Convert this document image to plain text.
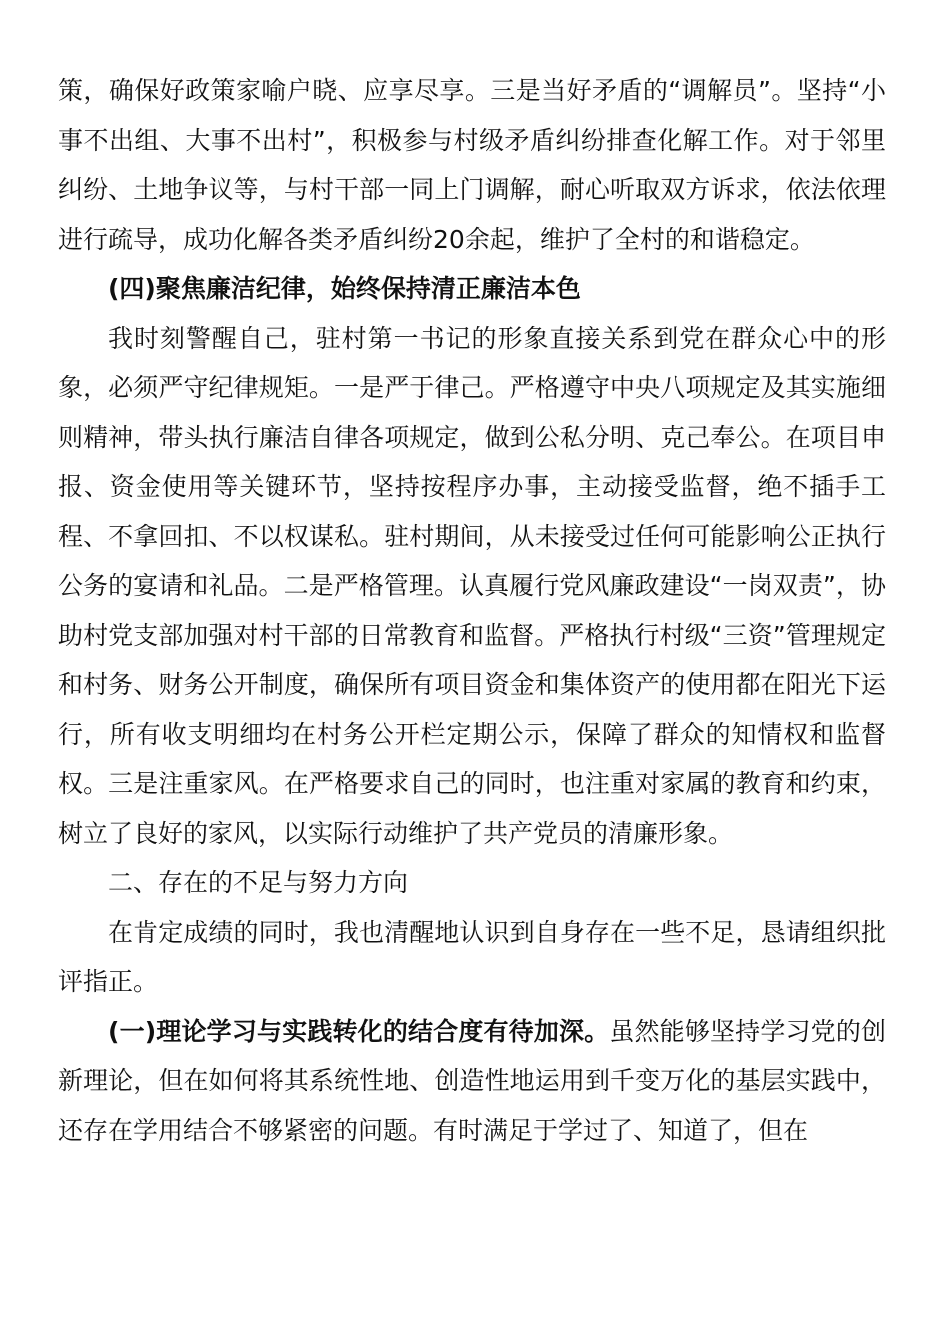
策，确保好政策家喻户晓、应享尽享。三是当好矛盾的“调解员”。坚持“小事不出组、大事不出村”，积极参与村级矛盾纠纷排查化解工作。对于邻里纠纷、土地争议等，与村干部一同上门调解，耐心听取双方诉求，依法依理进行疏导，成功化解各类矛盾纠纷20余起，维护了全村的和谐稳定。

(四)聚焦廉洁纪律，始终保持清正廉洁本色

我时刻警醒自己，驻村第一书记的形象直接关系到党在群众心中的形象，必须严守纪律规矩。一是严于律己。严格遵守中央八项规定及其实施细则精神，带头执行廉洁自律各项规定，做到公私分明、克己奉公。在项目申报、资金使用等关键环节，坚持按程序办事，主动接受监督，绝不插手工程、不拿回扣、不以权谋私。驻村期间，从未接受过任何可能影响公正执行公务的宴请和礼品。二是严格管理。认真履行党风廉政建设“一岗双责”，协助村党支部加强对村干部的日常教育和监督。严格执行村级“三资”管理规定和村务、财务公开制度，确保所有项目资金和集体资产的使用都在阳光下运行，所有收支明细均在村务公开栏定期公示，保障了群众的知情权和监督权。三是注重家风。在严格要求自己的同时，也注重对家属的教育和约束，树立了良好的家风，以实际行动维护了共产党员的清廉形象。

二、存在的不足与努力方向

在肯定成绩的同时，我也清醒地认识到自身存在一些不足，恳请组织批评指正。

(一)理论学习与实践转化的结合度有待加深。虽然能够坚持学习党的创新理论，但在如何将其系统性地、创造性地运用到千变万化的基层实践中，还存在学用结合不够紧密的问题。有时满足于学过了、知道了，但在
